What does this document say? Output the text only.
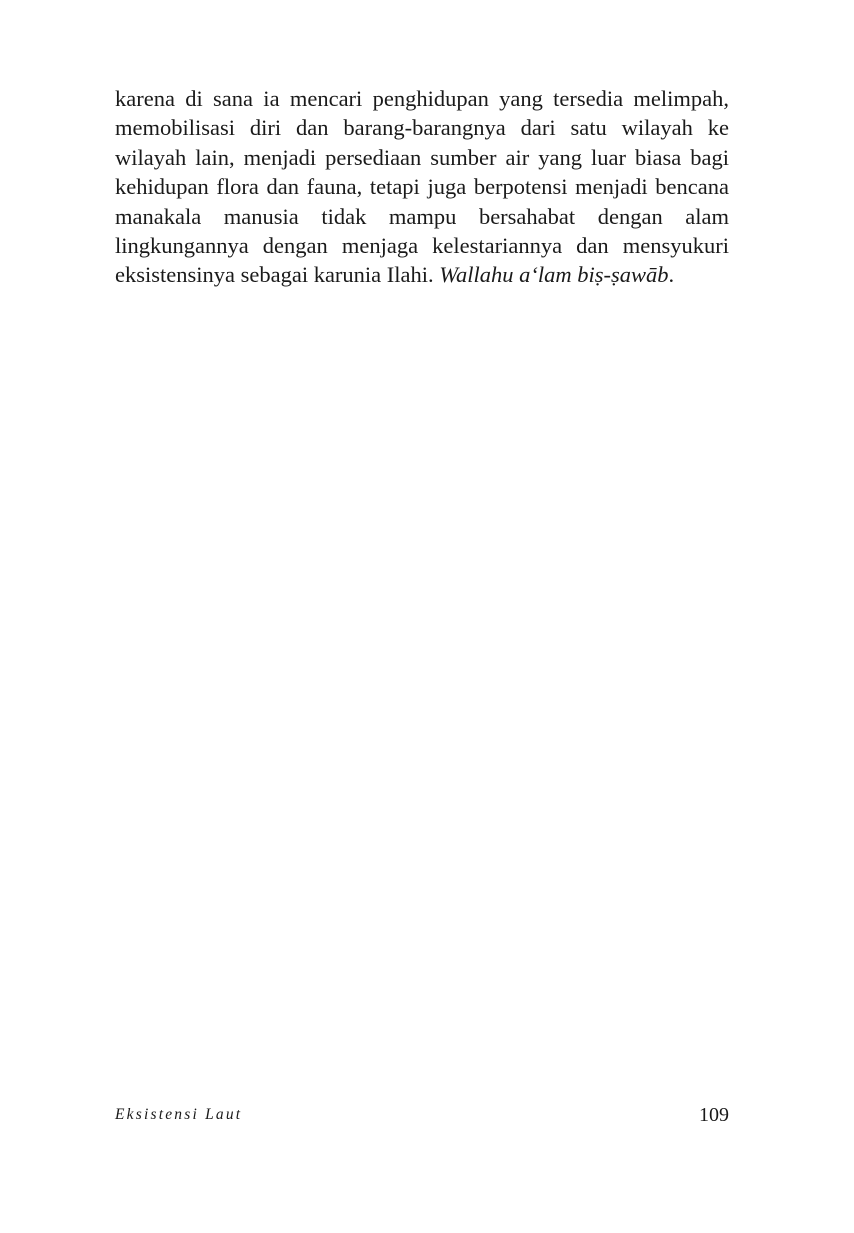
karena di sana ia mencari penghidupan yang tersedia melimpah, memobilisasi diri dan barang-barangnya dari satu wilayah ke wilayah lain, menjadi persediaan sumber air yang luar biasa bagi kehidupan flora dan fauna, tetapi juga berpotensi menjadi bencana manakala manusia tidak mampu bersahabat dengan alam lingkungannya dengan menjaga kelestariannya dan mensyukuri eksistensinya sebagai karunia Ilahi. Wallahu a‘lam biṣ-ṣawāb.

Eksistensi Laut	109
